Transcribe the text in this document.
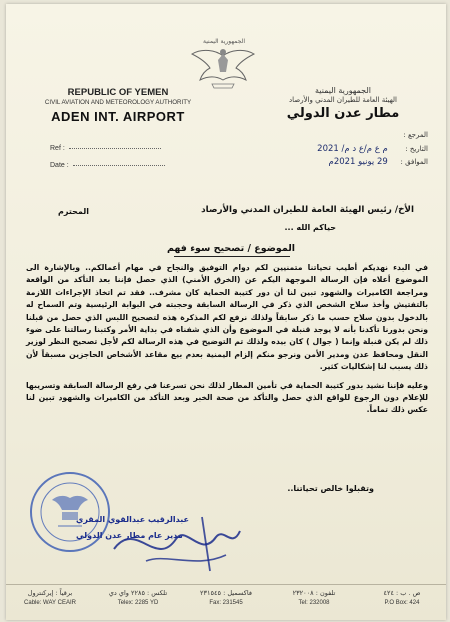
الجمهورية اليمنية
REPUBLIC OF YEMEN
CIVIL AVIATION AND METEOROLOGY AUTHORITY
ADEN INT. AIRPORT
الجمهورية اليمنية
الهيئة العامة للطيران المدني والأرصاد
مطار عدن الدولي
Ref :
Date :
المرجع :
التاريخ : م ع م/ع د م/ 2021
الموافق : 29 يونيو 2021م
الأخ/ رئيس الهيئة العامة للطيران المدني والأرصاد
المحترم
حياكم الله ...
الموضوع / تصحيح سوء فهم

في البدء نهديكم أطيب تحياتنا متمنيين لكم دوام التوفيق والنجاح في مهام أعمالكم.. وبالإشارة الى الموضوع أعلاه فإن الرسالة الموجهة اليكم عن (الخرق الأمني) الذي حصل فإننا بعد التأكد من الواقعة ومراجعة الكاميرات والشهود تبين لنا أن دور كتيبة الحماية كان مشرف.. فقد تم اتخاذ الإجراءات اللازمة بالتفتيش وأخذ سلاح الشخص الذي ذكر في الرسالة السابقة وحجبته في البوابة الرئيسية وتم السماح له بالدخول بدون سلاح حسب ما ذكر سابقاً ولذلك نرفع لكم المذكرة هذه لتصحيح اللبس الذي حصل من قبلنا ونحن بدورنا تأكدنا بأنه لا يوجد قنبلة في الموضوع وأن الذي شفناه في بداية الأمر وكتبنا رسالتنا على ضوء ذلك لم يكن قنبلة وإنما ( جوال ) كان بيده ولذلك تم التوضيح في هذه الرسالة لكم لأجل تصحيح النظر لوزير النقل ومحافظ عدن ومدير الأمن ونرجو منكم إلزام اليمنية بعدم بيع مقاعد الأشخاص الحاجزين مسبقاً لأن ذلك يسبب لنا إشكاليات كثير.

وعليه فإننا نشيد بدور كتيبة الحماية في تأمين المطار لذلك نحن تسرعنا في رفع الرسالة السابقة وتسريبها للإعلام دون الرجوع للواقع الذي حصل والتأكد من صحة الخبر وبعد التأكد من الكاميرات والشهود تبين لنا عكس ذلك تماماً.

وتقبلوا خالص تحياتنا..
عبدالرقيب عبدالقوي المقري
مدير عام مطار عدن الدولي
برقياً : إيركنترول
Cable: WAY CEAIR
تلكس : ٢٢٨٥ واي دي
Telex: 2285 YD
فاكسميل : ٢٣١٥٤٥
Fax: 231545
تلفون : ٢٣٢٠٠٨
Tel: 232008
ص . ب : ٤٢٤
P.O Box: 424
